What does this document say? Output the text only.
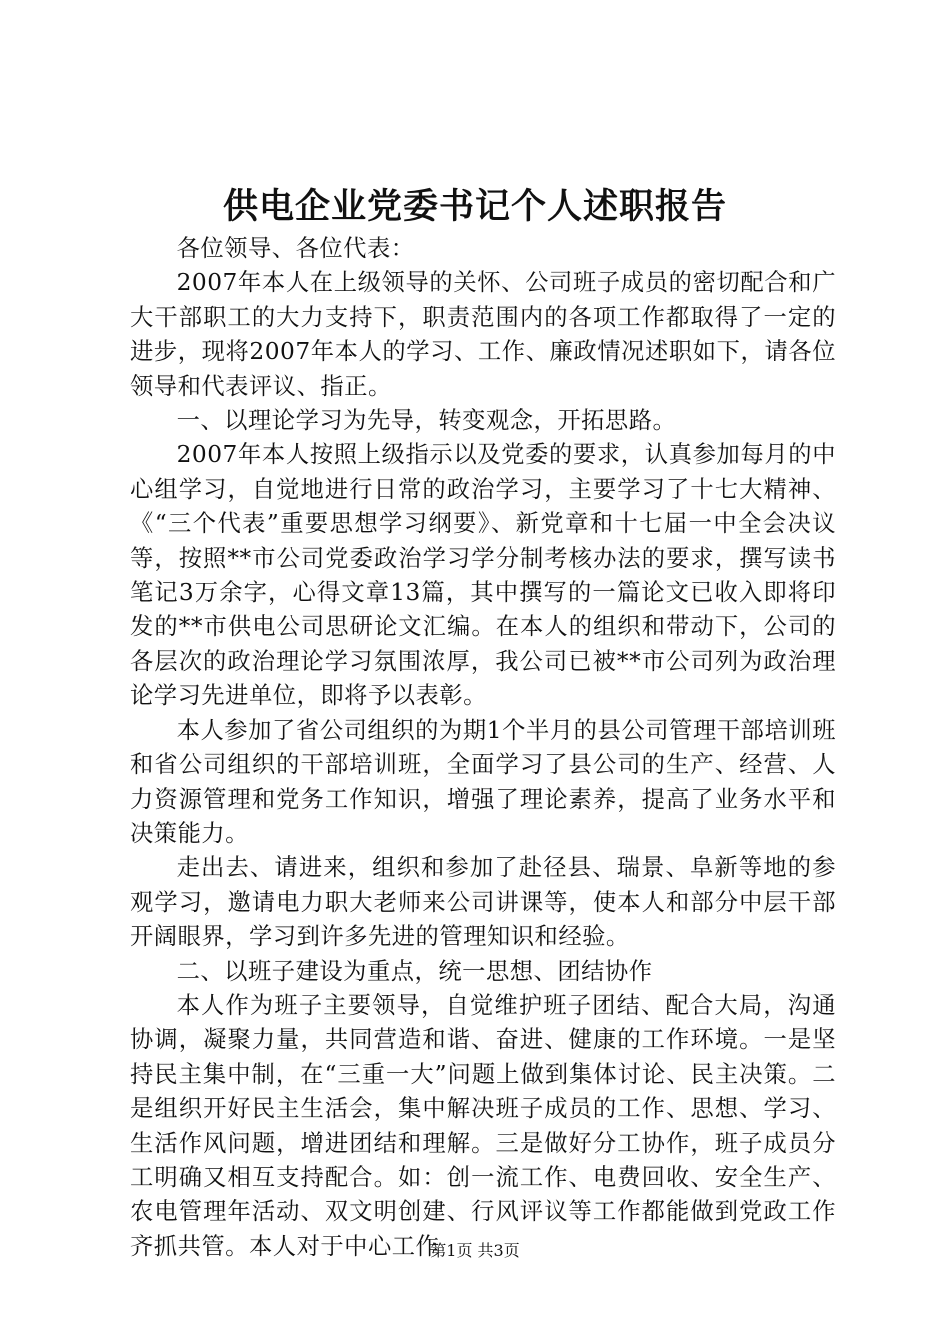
供电企业党委书记个人述职报告

各位领导、各位代表：

2007年本人在上级领导的关怀、公司班子成员的密切配合和广大干部职工的大力支持下，职责范围内的各项工作都取得了一定的进步，现将2007年本人的学习、工作、廉政情况述职如下，请各位领导和代表评议、指正。

一、以理论学习为先导，转变观念，开拓思路。

2007年本人按照上级指示以及党委的要求，认真参加每月的中心组学习，自觉地进行日常的政治学习，主要学习了十七大精神、《“三个代表”重要思想学习纲要》、新党章和十七届一中全会决议等，按照**市公司党委政治学习学分制考核办法的要求，撰写读书笔记3万余字，心得文章13篇，其中撰写的一篇论文已收入即将印发的**市供电公司思研论文汇编。在本人的组织和带动下，公司的各层次的政治理论学习氛围浓厚，我公司已被**市公司列为政治理论学习先进单位，即将予以表彰。

本人参加了省公司组织的为期1个半月的县公司管理干部培训班和省公司组织的干部培训班，全面学习了县公司的生产、经营、人力资源管理和党务工作知识，增强了理论素养，提高了业务水平和决策能力。

走出去、请进来，组织和参加了赴径县、瑞景、阜新等地的参观学习，邀请电力职大老师来公司讲课等，使本人和部分中层干部开阔眼界，学习到许多先进的管理知识和经验。

二、以班子建设为重点，统一思想、团结协作

本人作为班子主要领导，自觉维护班子团结、配合大局，沟通协调，凝聚力量，共同营造和谐、奋进、健康的工作环境。一是坚持民主集中制，在“三重一大”问题上做到集体讨论、民主决策。二是组织开好民主生活会，集中解决班子成员的工作、思想、学习、生活作风问题，增进团结和理解。三是做好分工协作，班子成员分工明确又相互支持配合。如：创一流工作、电费回收、安全生产、农电管理年活动、双文明创建、行风评议等工作都能做到党政工作齐抓共管。本人对于中心工作

第1页 共3页
